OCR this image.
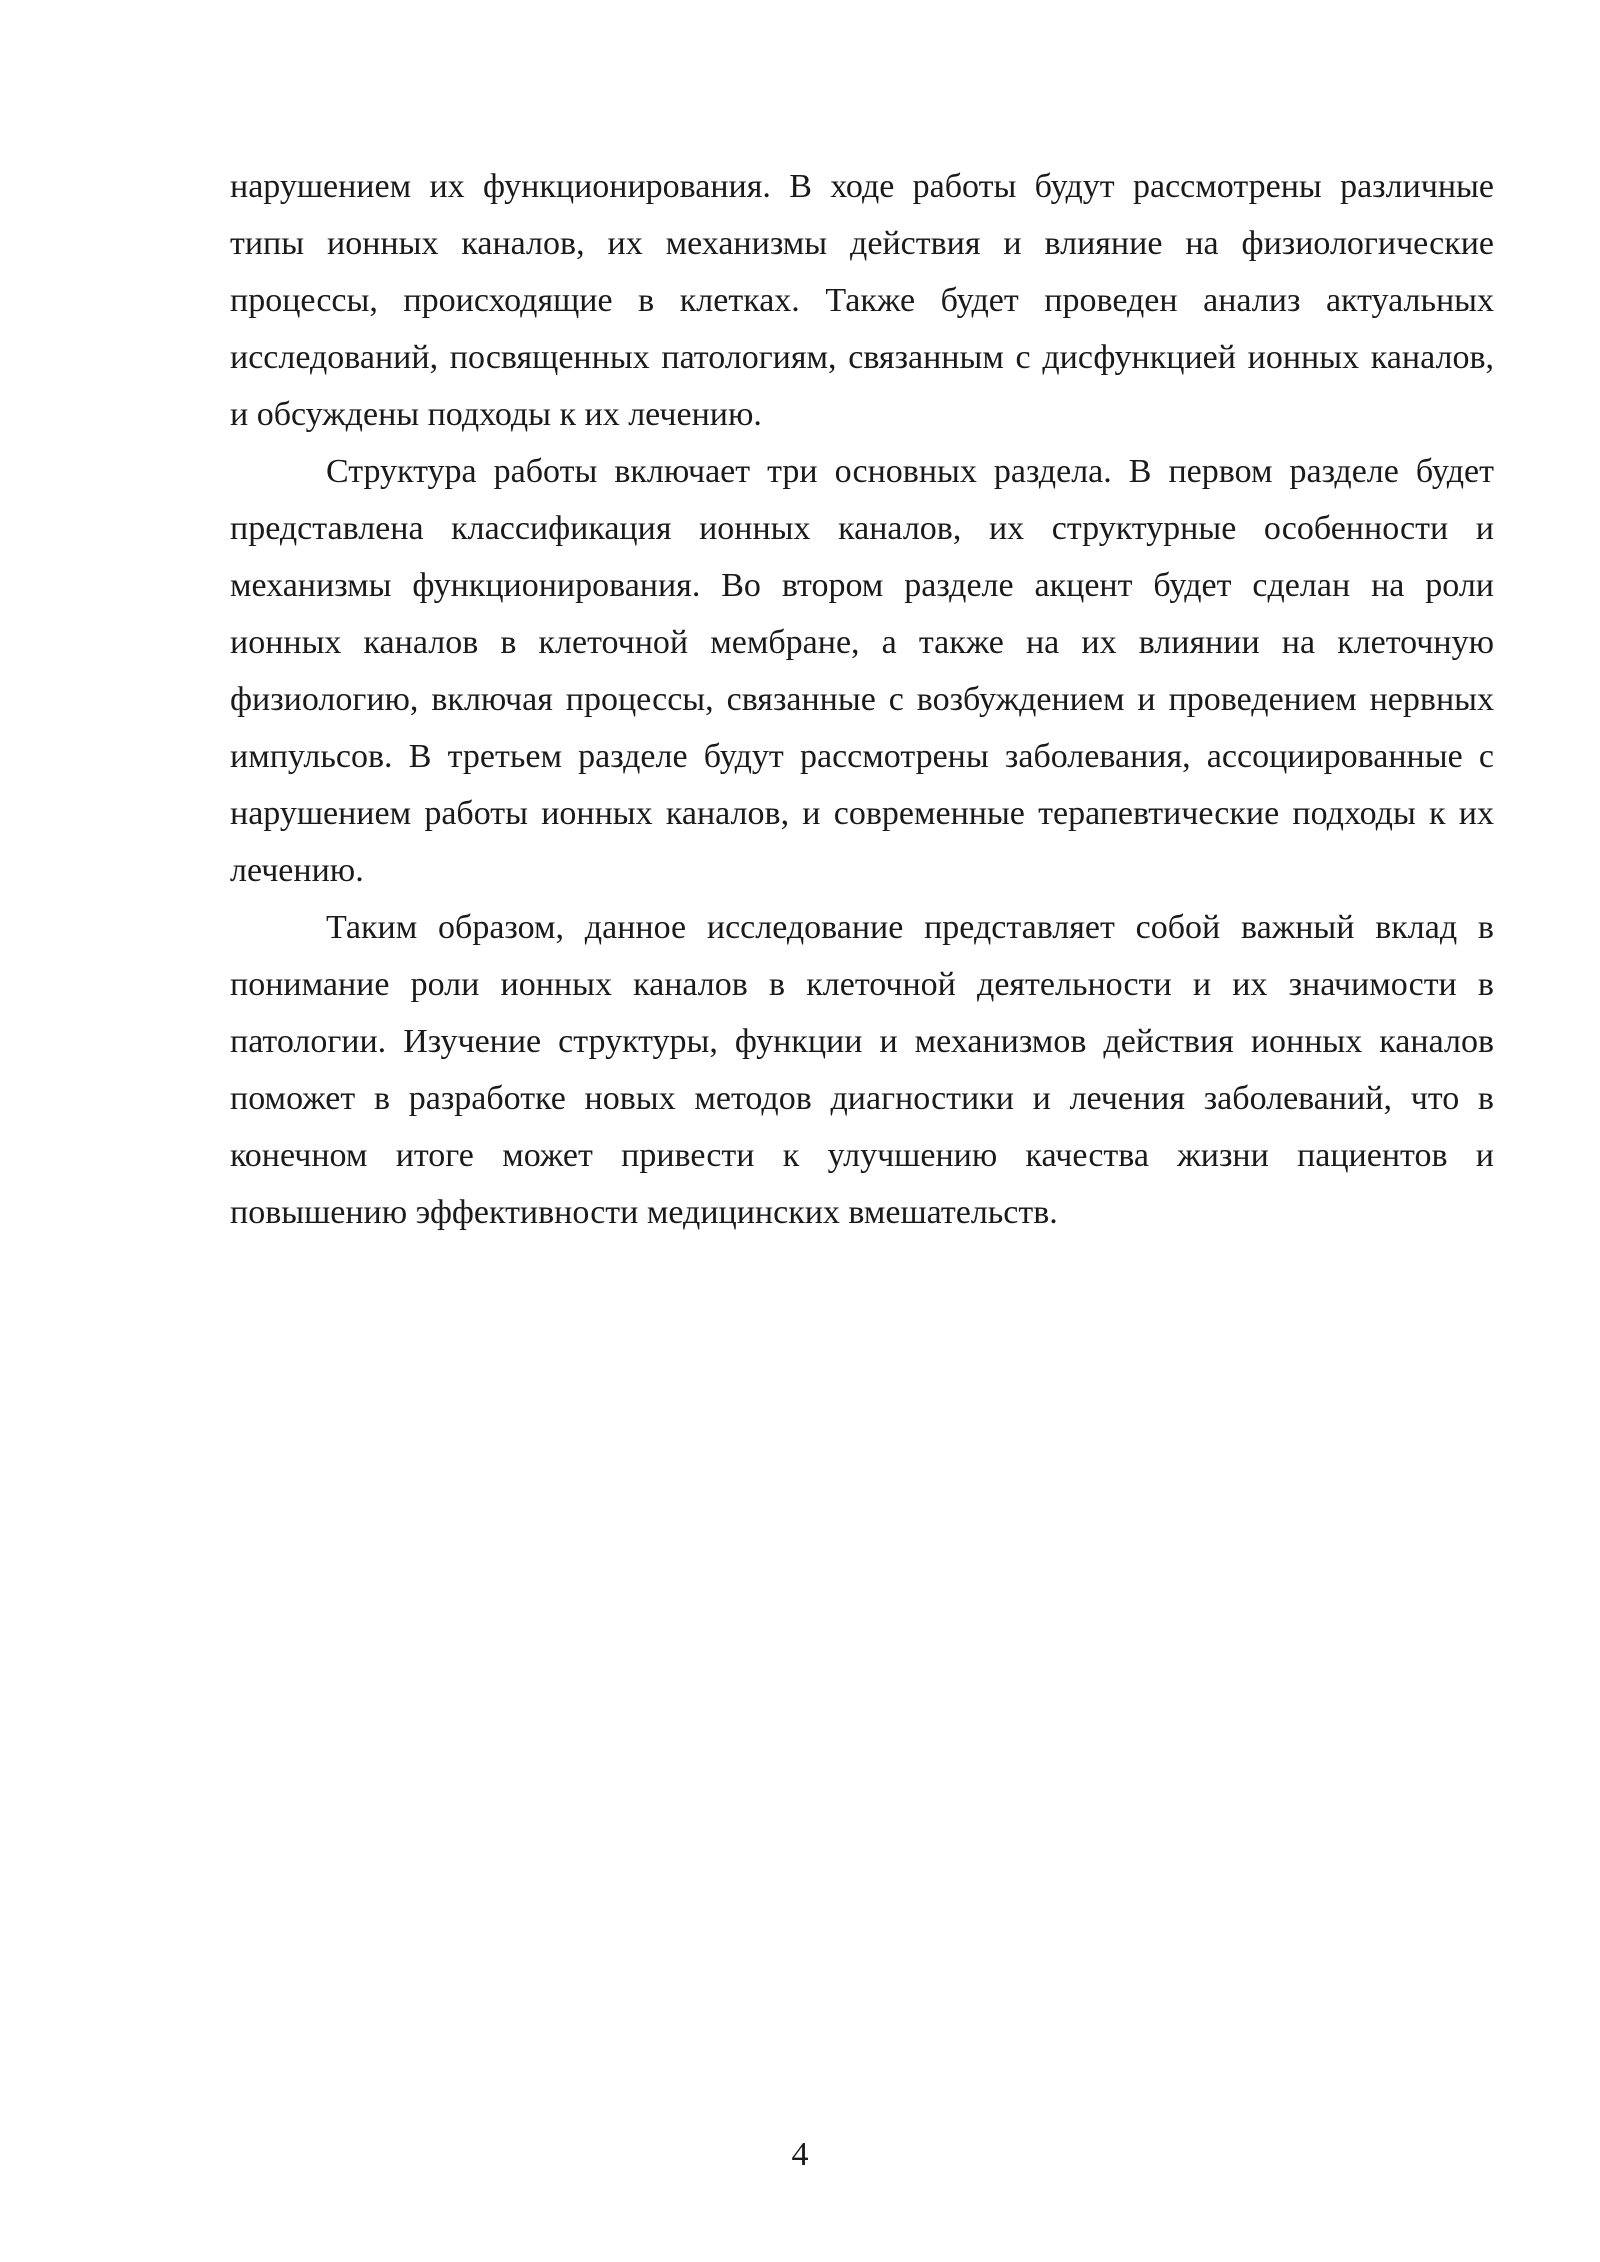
нарушением их функционирования. В ходе работы будут рассмотрены различные типы ионных каналов, их механизмы действия и влияние на физиологические процессы, происходящие в клетках. Также будет проведен анализ актуальных исследований, посвященных патологиям, связанным с дисфункцией ионных каналов, и обсуждены подходы к их лечению.

Структура работы включает три основных раздела. В первом разделе будет представлена классификация ионных каналов, их структурные особенности и механизмы функционирования. Во втором разделе акцент будет сделан на роли ионных каналов в клеточной мембране, а также на их влиянии на клеточную физиологию, включая процессы, связанные с возбуждением и проведением нервных импульсов. В третьем разделе будут рассмотрены заболевания, ассоциированные с нарушением работы ионных каналов, и современные терапевтические подходы к их лечению.

Таким образом, данное исследование представляет собой важный вклад в понимание роли ионных каналов в клеточной деятельности и их значимости в патологии. Изучение структуры, функции и механизмов действия ионных каналов поможет в разработке новых методов диагностики и лечения заболеваний, что в конечном итоге может привести к улучшению качества жизни пациентов и повышению эффективности медицинских вмешательств.

4
